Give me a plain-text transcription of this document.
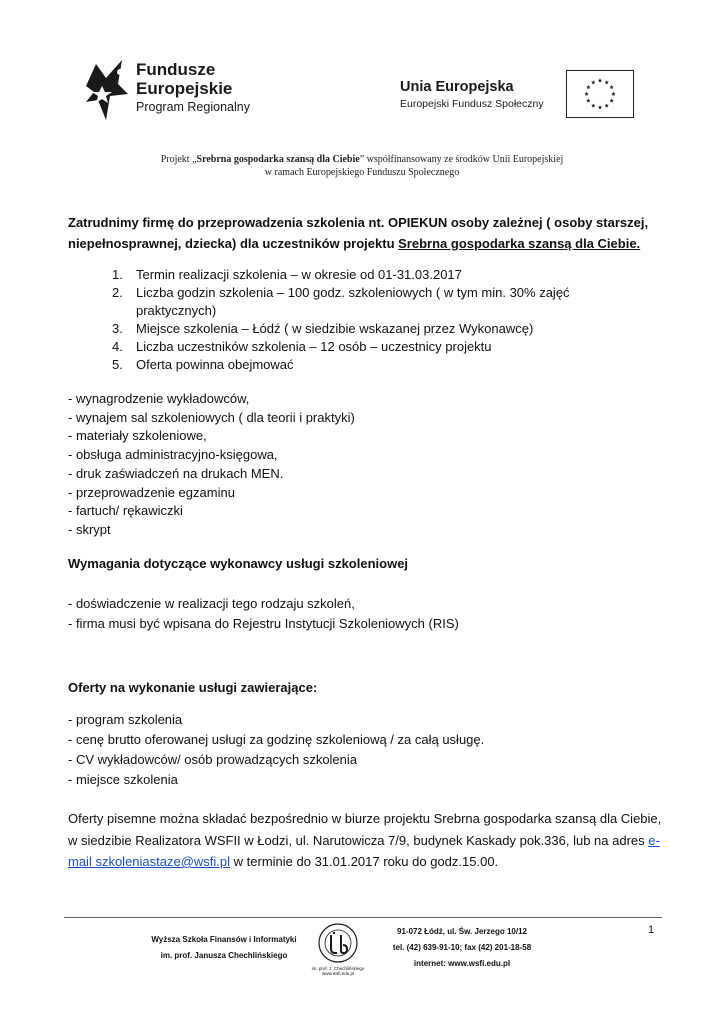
Fundusze
Europejskie
Program Regionalny
Unia Europejska
Europejski Fundusz Społeczny
Projekt „Srebrna gospodarka szansą dla Ciebie” współfinansowany ze środków Unii Europejskiej
w ramach Europejskiego Funduszu Społecznego
Zatrudnimy firmę do przeprowadzenia szkolenia nt. OPIEKUN osoby zależnej ( osoby starszej, niepełnosprawnej, dziecka) dla uczestników projektu Srebrna gospodarka szansą dla Ciebie.
1. Termin realizacji szkolenia – w okresie od 01-31.03.2017
2. Liczba godzin szkolenia – 100 godz. szkoleniowych ( w tym min. 30% zajęć praktycznych)
3. Miejsce szkolenia – Łódź ( w siedzibie wskazanej przez Wykonawcę)
4. Liczba uczestników szkolenia – 12 osób – uczestnicy projektu
5. Oferta powinna obejmować
- wynagrodzenie wykładowców,
- wynajem sal szkoleniowych ( dla teorii i praktyki)
- materiały szkoleniowe,
- obsługa administracyjno-księgowa,
- druk zaświadczeń na drukach MEN.
- przeprowadzenie egzaminu
- fartuch/ rękawiczki
- skrypt
Wymagania dotyczące wykonawcy usługi szkoleniowej
- doświadczenie w realizacji tego rodzaju szkoleń,
- firma musi być wpisana do Rejestru Instytucji Szkoleniowych (RIS)
Oferty na wykonanie usługi zawierające:
- program szkolenia
- cenę brutto oferowanej usługi za godzinę szkoleniową / za całą usługę.
- CV wykładowców/ osób prowadzących szkolenia
- miejsce szkolenia
Oferty pisemne można składać bezpośrednio w biurze projektu Srebrna gospodarka szansą dla Ciebie, w siedzibie Realizatora WSFII w Łodzi, ul. Narutowicza 7/9, budynek Kaskady pok.336, lub na adres e-mail szkoleniastaze@wsfi.pl w terminie do 31.01.2017 roku do godz.15.00.
1
Wyższa Szkoła Finansów i Informatyki
im. prof. Janusza Chechlińskiego
im. prof. J. Chechlińskiego
www.wsfi.edu.pl
91-072 Łódź, ul. Św. Jerzego 10/12
tel. (42) 639-91-10; fax (42) 201-18-58
internet: www.wsfi.edu.pl
